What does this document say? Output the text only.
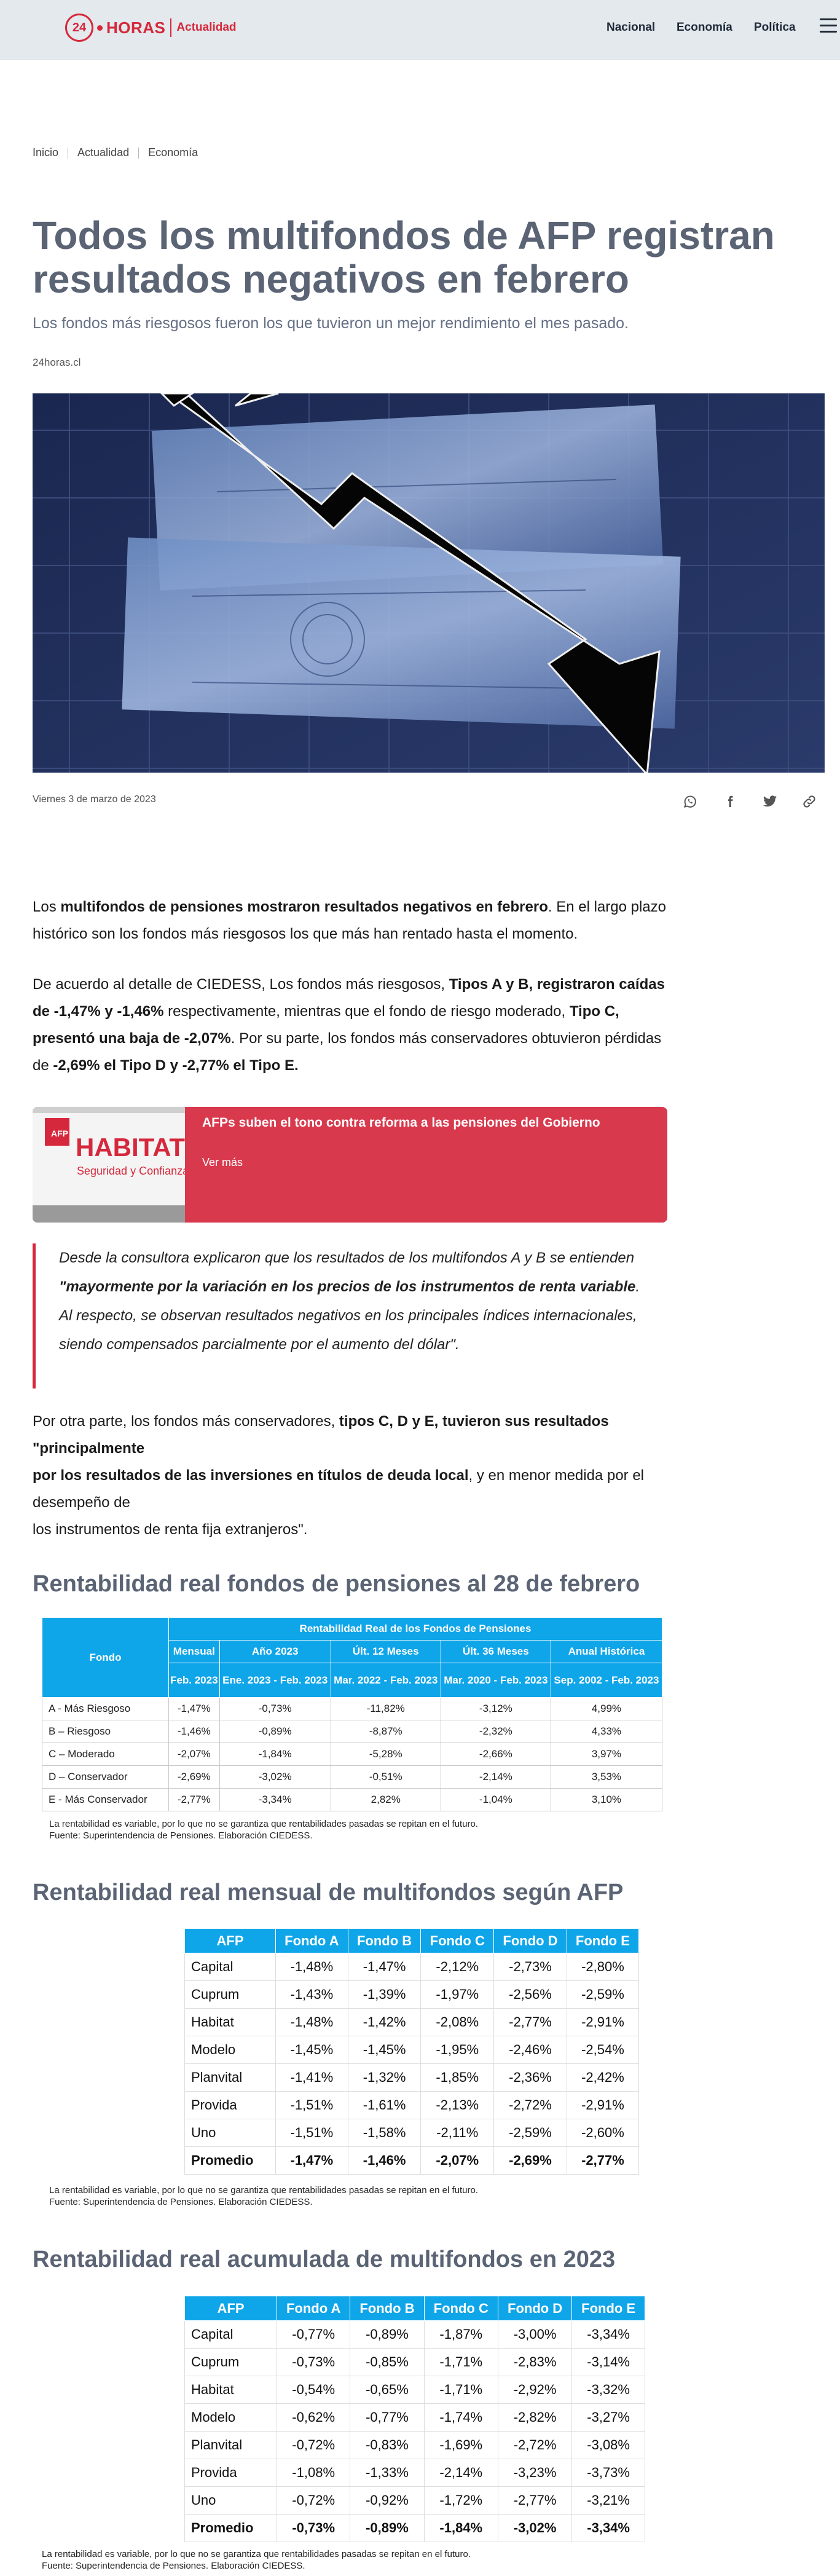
24 HORAS Actualidad	Nacional Economía Política
Inicio Actualidad Economía
Todos los multifondos de AFP registran resultados negativos en febrero
Los fondos más riesgosos fueron los que tuvieron un mejor rendimiento el mes pasado.
24horas.cl
Viernes 3 de marzo de 2023

Los multifondos de pensiones mostraron resultados negativos en febrero. En el largo plazo histórico son los fondos más riesgosos los que más han rentado hasta el momento.

De acuerdo al detalle de CIEDESS, Los fondos más riesgosos, Tipos A y B, registraron caídas de -1,47% y -1,46% respectivamente, mientras que el fondo de riesgo moderado, Tipo C, presentó una baja de -2,07%. Por su parte, los fondos más conservadores obtuvieron pérdidas de -2,69% el Tipo D y -2,77% el Tipo E.

AFP HABITAT
Seguridad y Confianza
AFPs suben el tono contra reforma a las pensiones del Gobierno
Ver más

Desde la consultora explicaron que los resultados de los multifondos A y B se entienden "mayormente por la variación en los precios de los instrumentos de renta variable. Al respecto, se observan resultados negativos en los principales índices internacionales, siendo compensados parcialmente por el aumento del dólar".

Por otra parte, los fondos más conservadores, tipos C, D y E, tuvieron sus resultados "principalmente
por los resultados de las inversiones en títulos de deuda local, y en menor medida por el desempeño de
los instrumentos de renta fija extranjeros".

Rentabilidad real fondos de pensiones al 28 de febrero
Fondo	Rentabilidad Real de los Fondos de Pensiones				
	Mensual	Año 2023	Últ. 12 Meses	Últ. 36 Meses	Anual Histórica
	Feb. 2023	Ene. 2023 - Feb. 2023	Mar. 2022 - Feb. 2023	Mar. 2020 - Feb. 2023	Sep. 2002 - Feb. 2023
A - Más Riesgoso	-1,47%	-0,73%	-11,82%	-3,12%	4,99%
B – Riesgoso	-1,46%	-0,89%	-8,87%	-2,32%	4,33%
C – Moderado	-2,07%	-1,84%	-5,28%	-2,66%	3,97%
D – Conservador	-2,69%	-3,02%	-0,51%	-2,14%	3,53%
E - Más Conservador	-2,77%	-3,34%	2,82%	-1,04%	3,10%
La rentabilidad es variable, por lo que no se garantiza que rentabilidades pasadas se repitan en el futuro.
Fuente: Superintendencia de Pensiones. Elaboración CIEDESS.
Rentabilidad real mensual de multifondos según AFP
AFP	Fondo A	Fondo B	Fondo C	Fondo D	Fondo E
Capital	-1,48%	-1,47%	-2,12%	-2,73%	-2,80%
Cuprum	-1,43%	-1,39%	-1,97%	-2,56%	-2,59%
Habitat	-1,48%	-1,42%	-2,08%	-2,77%	-2,91%
Modelo	-1,45%	-1,45%	-1,95%	-2,46%	-2,54%
Planvital	-1,41%	-1,32%	-1,85%	-2,36%	-2,42%
Provida	-1,51%	-1,61%	-2,13%	-2,72%	-2,91%
Uno	-1,51%	-1,58%	-2,11%	-2,59%	-2,60%
Promedio	-1,47%	-1,46%	-2,07%	-2,69%	-2,77%
La rentabilidad es variable, por lo que no se garantiza que rentabilidades pasadas se repitan en el futuro.
Fuente: Superintendencia de Pensiones. Elaboración CIEDESS.
Rentabilidad real acumulada de multifondos en 2023
AFP	Fondo A	Fondo B	Fondo C	Fondo D	Fondo E
Capital	-0,77%	-0,89%	-1,87%	-3,00%	-3,34%
Cuprum	-0,73%	-0,85%	-1,71%	-2,83%	-3,14%
Habitat	-0,54%	-0,65%	-1,71%	-2,92%	-3,32%
Modelo	-0,62%	-0,77%	-1,74%	-2,82%	-3,27%
Planvital	-0,72%	-0,83%	-1,69%	-2,72%	-3,08%
Provida	-1,08%	-1,33%	-2,14%	-3,23%	-3,73%
Uno	-0,72%	-0,92%	-1,72%	-2,77%	-3,21%
Promedio	-0,73%	-0,89%	-1,84%	-3,02%	-3,34%
La rentabilidad es variable, por lo que no se garantiza que rentabilidades pasadas se repitan en el futuro.
Fuente: Superintendencia de Pensiones. Elaboración CIEDESS.
